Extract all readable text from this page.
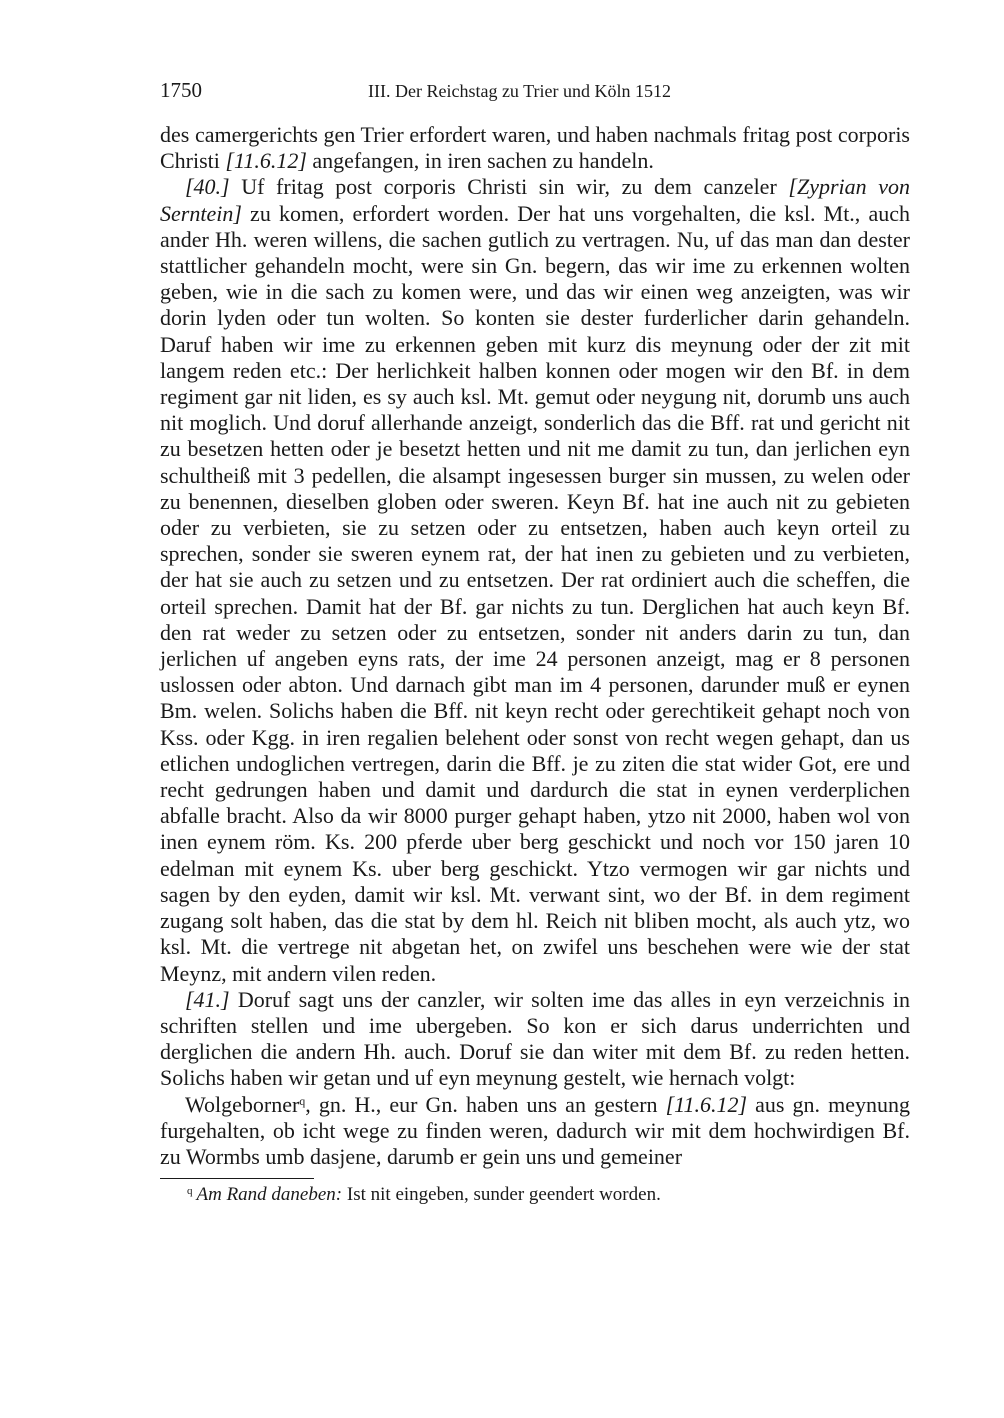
1750	III. Der Reichstag zu Trier und Köln 1512

des camergerichts gen Trier erfordert waren, und haben nachmals fritag post corporis Christi [11.6.12] angefangen, in iren sachen zu handeln.

[40.] Uf fritag post corporis Christi sin wir, zu dem canzeler [Zyprian von Serntein] zu komen, erfordert worden. Der hat uns vorgehalten, die ksl. Mt., auch ander Hh. weren willens, die sachen gutlich zu vertragen. Nu, uf das man dan dester stattlicher gehandeln mocht, were sin Gn. begern, das wir ime zu erkennen wolten geben, wie in die sach zu komen were, und das wir einen weg anzeigten, was wir dorin lyden oder tun wolten. So konten sie dester furderlicher darin gehandeln. Daruf haben wir ime zu erkennen geben mit kurz dis meynung oder der zit mit langem reden etc.: Der herlichkeit halben konnen oder mogen wir den Bf. in dem regiment gar nit liden, es sy auch ksl. Mt. gemut oder neygung nit, dorumb uns auch nit moglich. Und doruf allerhande anzeigt, sonderlich das die Bff. rat und gericht nit zu besetzen hetten oder je besetzt hetten und nit me damit zu tun, dan jerlichen eyn schultheiß mit 3 pedellen, die alsampt ingesessen burger sin mussen, zu welen oder zu benennen, dieselben globen oder sweren. Keyn Bf. hat ine auch nit zu gebieten oder zu verbieten, sie zu setzen oder zu entsetzen, haben auch keyn orteil zu sprechen, sonder sie sweren eynem rat, der hat inen zu gebieten und zu verbieten, der hat sie auch zu setzen und zu entsetzen. Der rat ordiniert auch die scheffen, die orteil sprechen. Damit hat der Bf. gar nichts zu tun. Derglichen hat auch keyn Bf. den rat weder zu setzen oder zu entsetzen, sonder nit anders darin zu tun, dan jerlichen uf angeben eyns rats, der ime 24 personen anzeigt, mag er 8 personen uslossen oder abton. Und darnach gibt man im 4 personen, darunder muß er eynen Bm. welen. Solichs haben die Bff. nit keyn recht oder gerechtikeit gehapt noch von Kss. oder Kgg. in iren regalien belehent oder sonst von recht wegen gehapt, dan us etlichen undoglichen vertregen, darin die Bff. je zu ziten die stat wider Got, ere und recht gedrungen haben und damit und dardurch die stat in eynen verderplichen abfalle bracht. Also da wir 8000 purger gehapt haben, ytzo nit 2000, haben wol von inen eynem röm. Ks. 200 pferde uber berg geschickt und noch vor 150 jaren 10 edelman mit eynem Ks. uber berg geschickt. Ytzo vermogen wir gar nichts und sagen by den eyden, damit wir ksl. Mt. verwant sint, wo der Bf. in dem regiment zugang solt haben, das die stat by dem hl. Reich nit bliben mocht, als auch ytz, wo ksl. Mt. die vertrege nit abgetan het, on zwifel uns beschehen were wie der stat Meynz, mit andern vilen reden.

[41.] Doruf sagt uns der canzler, wir solten ime das alles in eyn verzeichnis in schriften stellen und ime ubergeben. So kon er sich darus underrichten und derglichen die andern Hh. auch. Doruf sie dan witer mit dem Bf. zu reden hetten. Solichs haben wir getan und uf eyn meynung gestelt, wie hernach volgt:

Wolgeborner$^q$, gn. H., eur Gn. haben uns an gestern [11.6.12] aus gn. meynung furgehalten, ob icht wege zu finden weren, dadurch wir mit dem hochwirdigen Bf. zu Wormbs umb dasjene, darumb er gein uns und gemeiner

$^q$ Am Rand daneben: Ist nit eingeben, sunder geendert worden.
